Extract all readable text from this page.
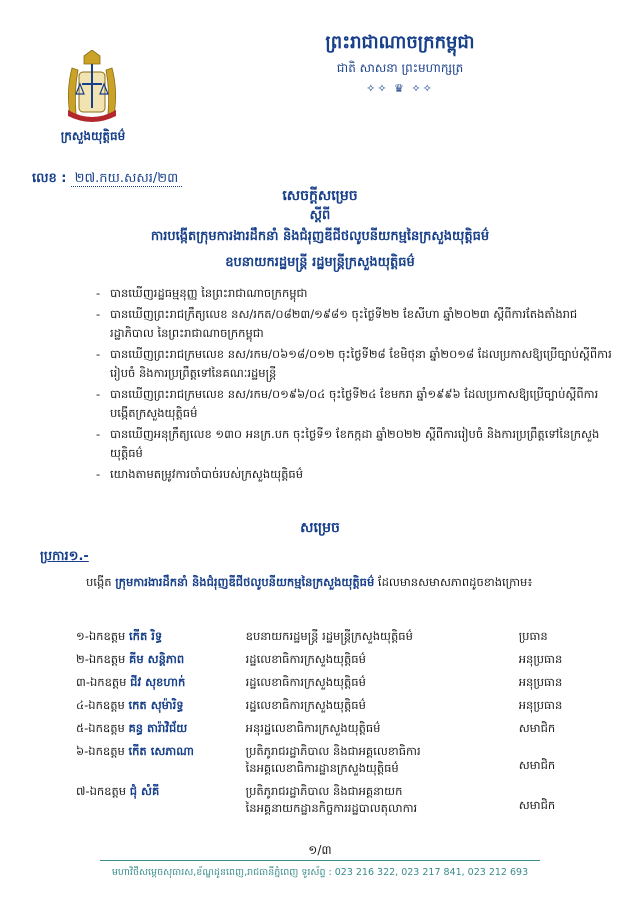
ព្រះរាជាណាចក្រកម្ពុជា
ជាតិ សាសនា ព្រះមហាក្សត្រ
✧✧ ♛ ✧✧
ក្រសួងយុត្តិធម៌
លេខ : ២៧.កយ.សសរ/២៣
សេចក្ដីសម្រេច
ស្ដីពី
ការបង្កើតក្រុមការងារដឹកនាំ និងជំរុញឌីជីថលូបនីយកម្មនៃក្រសួងយុត្តិធម៌
ឧបនាយករដ្ឋមន្ត្រី រដ្ឋមន្ត្រីក្រសួងយុត្តិធម៌
- បានឃើញរដ្ឋធម្មនុញ្ញ នៃព្រះរាជាណាចក្រកម្ពុជា
- បានឃើញព្រះរាជក្រឹត្យលេខ នស/រកត/០៨២៣/១៩៨១ ចុះថ្ងៃទី២២ ខែសីហា ឆ្នាំ២០២៣ ស្ដីពីការតែងតាំងរាជរដ្ឋាភិបាល នៃព្រះរាជាណាចក្រកម្ពុជា
- បានឃើញព្រះរាជក្រមលេខ នស/រកម/០៦១៨/០១២ ចុះថ្ងៃទី២៨ ខែមិថុនា ឆ្នាំ២០១៨ ដែលប្រកាសឱ្យប្រើច្បាប់ស្ដីពីការរៀបចំ និងការប្រព្រឹត្តទៅនៃគណៈរដ្ឋមន្ត្រី
- បានឃើញព្រះរាជក្រមលេខ នស/រកម/០១៩៦/០៤ ចុះថ្ងៃទី២៤ ខែមករា ឆ្នាំ១៩៩៦ ដែលប្រកាសឱ្យប្រើច្បាប់ស្ដីពីការបង្កើតក្រសួងយុត្តិធម៌
- បានឃើញអនុក្រឹត្យលេខ ១៣០ អនក្រ.បក ចុះថ្ងៃទី១ ខែកក្កដា ឆ្នាំ២០២២ ស្ដីពីការរៀបចំ និងការប្រព្រឹត្តទៅនៃក្រសួងយុត្តិធម៌
- យោងតាមតម្រូវការចាំបាច់របស់ក្រសួងយុត្តិធម៌
សម្រេច
ប្រការ១.-
បង្កើត ក្រុមការងារដឹកនាំ និងជំរុញឌីជីថលូបនីយកម្មនៃក្រសួងយុត្តិធម៌ ដែលមានសមាសភាពដូចខាងក្រោម៖
១-ឯកឧត្តម កើត រិទ្ធ	ឧបនាយករដ្ឋមន្ត្រី រដ្ឋមន្ត្រីក្រសួងយុត្តិធម៌	ប្រធាន
២-ឯកឧត្តម គីម សន្តិភាព	រដ្ឋលេខាធិការក្រសួងយុត្តិធម៌	អនុប្រធាន
៣-ឯកឧត្តម ជីវ សុខហាក់	រដ្ឋលេខាធិការក្រសួងយុត្តិធម៌	អនុប្រធាន
៤-ឯកឧត្តម កេត សុម៉ារិទ្ធ	រដ្ឋលេខាធិការក្រសួងយុត្តិធម៌	អនុប្រធាន
៥-ឯកឧត្តម គន្ធ តារ៉ាវិជ័យ	អនុរដ្ឋលេខាធិការក្រសួងយុត្តិធម៌	សមាជិក
៦-ឯកឧត្តម កើត សេភាណា	ប្រតិភូរាជរដ្ឋាភិបាល និងជាអគ្គលេខាធិការ
នៃអគ្គលេខាធិការដ្ឋានក្រសួងយុត្តិធម៌	សមាជិក

៧-ឯកឧត្តម ជុំ សំគី	ប្រតិភូរាជរដ្ឋាភិបាល និងជាអគ្គនាយក
នៃអគ្គនាយកដ្ឋានកិច្ចការរដ្ឋបាលតុលាការ	សមាជិក
១/៣
មហាវិថីសម្ដេចសុធារស,ខ័ណ្ឌដូនពេញ,រាជធានីភ្នំពេញ ទូរស័ព្ទ : 023 216 322, 023 217 841, 023 212 693
